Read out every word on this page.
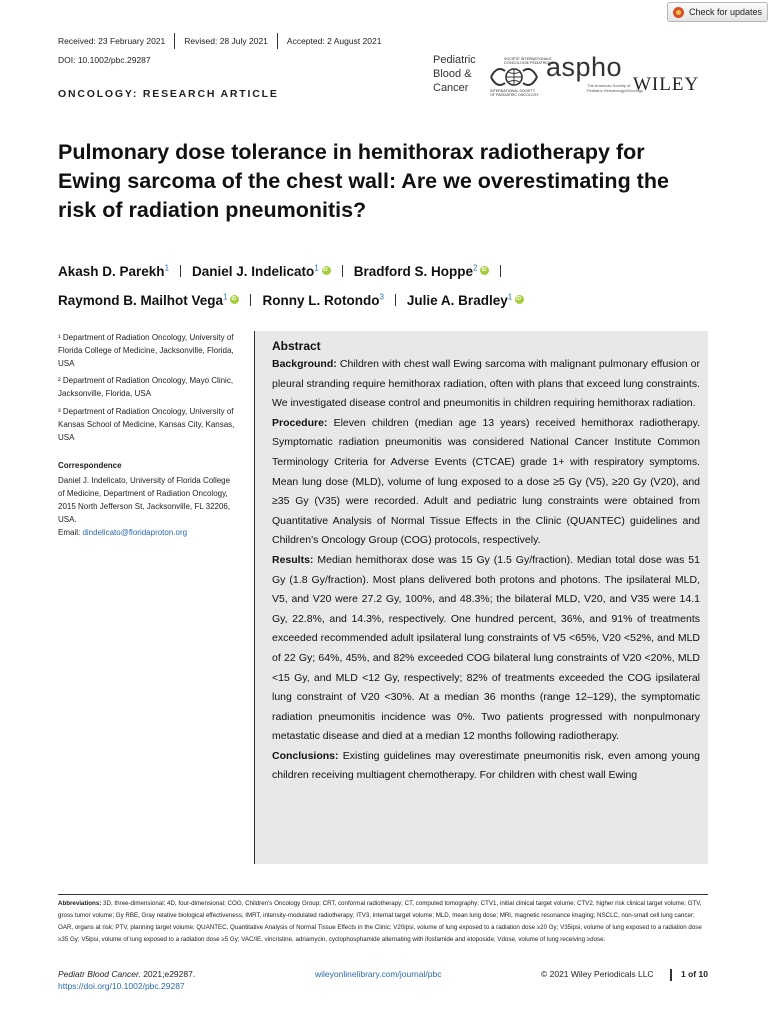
Check for updates
Received: 23 February 2021	Revised: 28 July 2021	Accepted: 2 August 2021
DOI: 10.1002/pbc.29287
ONCOLOGY: RESEARCH ARTICLE
Pediatric
Blood &
Cancer
SOCIÉTÉ INTERNATIONALE
D'ONCOLOGIE PÉDIATRIQUE
INTERNATIONAL SOCIETY
OF PAEDIATRIC ONCOLOGY
aspho
The American Society of
Pediatric Hematology/Oncology
WILEY
Pulmonary dose tolerance in hemithorax radiotherapy for Ewing sarcoma of the chest wall: Are we overestimating the risk of radiation pneumonitis?
Akash D. Parekh$^1$ Daniel J. Indelicato$^1$ iD	Bradford S. Hoppe$^2$iD
Raymond B. Mailhot Vega$^1$ iD	Ronny L. Rotondo$^3$ Julie A. Bradley$^1$iD
¹ Department of Radiation Oncology, University of Florida College of Medicine, Jacksonville, Florida, USA
² Department of Radiation Oncology, Mayo Clinic, Jacksonville, Florida, USA
³ Department of Radiation Oncology, University of Kansas School of Medicine, Kansas City, Kansas, USA
Correspondence
Daniel J. Indelicato, University of Florida College of Medicine, Department of Radiation Oncology, 2015 North Jefferson St, Jacksonville, FL 32206, USA.
Email: dindelicato@floridaproton.org
Abstract

Background: Children with chest wall Ewing sarcoma with malignant pulmonary effusion or pleural stranding require hemithorax radiation, often with plans that exceed lung constraints. We investigated disease control and pneumonitis in children requiring hemithorax radiation.

Procedure: Eleven children (median age 13 years) received hemithorax radiotherapy. Symptomatic radiation pneumonitis was considered National Cancer Institute Common Terminology Criteria for Adverse Events (CTCAE) grade 1+ with respiratory symptoms. Mean lung dose (MLD), volume of lung exposed to a dose ≥5 Gy (V5), ≥20 Gy (V20), and ≥35 Gy (V35) were recorded. Adult and pediatric lung constraints were obtained from Quantitative Analysis of Normal Tissue Effects in the Clinic (QUANTEC) guidelines and Children's Oncology Group (COG) protocols, respectively.

Results: Median hemithorax dose was 15 Gy (1.5 Gy/fraction). Median total dose was 51 Gy (1.8 Gy/fraction). Most plans delivered both protons and photons. The ipsilateral MLD, V5, and V20 were 27.2 Gy, 100%, and 48.3%; the bilateral MLD, V20, and V35 were 14.1 Gy, 22.8%, and 14.3%, respectively. One hundred percent, 36%, and 91% of treatments exceeded recommended adult ipsilateral lung constraints of V5 <65%, V20 <52%, and MLD of 22 Gy; 64%, 45%, and 82% exceeded COG bilateral lung constraints of V20 <20%, MLD <15 Gy, and MLD <12 Gy, respectively; 82% of treatments exceeded the COG ipsilateral lung constraint of V20 <30%. At a median 36 months (range 12–129), the symptomatic radiation pneumonitis incidence was 0%. Two patients progressed with nonpulmonary metastatic disease and died at a median 12 months following radiotherapy.

Conclusions: Existing guidelines may overestimate pneumonitis risk, even among young children receiving multiagent chemotherapy. For children with chest wall Ewing

Abbreviations: 3D, three-dimensional; 4D, four-dimensional; COG, Children's Oncology Group; CRT, conformal radiotherapy; CT, computed tomography; CTV1, initial clinical target volume; CTV2, higher risk clinical target volume; GTV, gross tumor volume; Gy RBE, Gray relative biological effectiveness; IMRT, intensity-modulated radiotherapy; ITV3, internal target volume; MLD, mean lung dose; MRI, magnetic resonance imaging; NSCLC, non-small cell lung cancer; OAR, organs at risk; PTV, planning target volume; QUANTEC, Quantitative Analysis of Normal Tissue Effects in the Clinic; V20ipsi, volume of lung exposed to a radiation dose ≥20 Gy; V35ipsi, volume of lung exposed to a radiation dose ≥35 Gy; V5ipsi, volume of lung exposed to a radiation dose ≥5 Gy; VAC/IE, vincristine, adriamycin, cyclophosphamide alternating with ifosfamide and etoposide; Vdose, volume of lung receiving ≥dose.
Pediatr Blood Cancer. 2021;e29287.
https://doi.org/10.1002/pbc.29287
wileyonlinelibrary.com/journal/pbc	© 2021 Wiley Periodicals LLC	1 of 10
